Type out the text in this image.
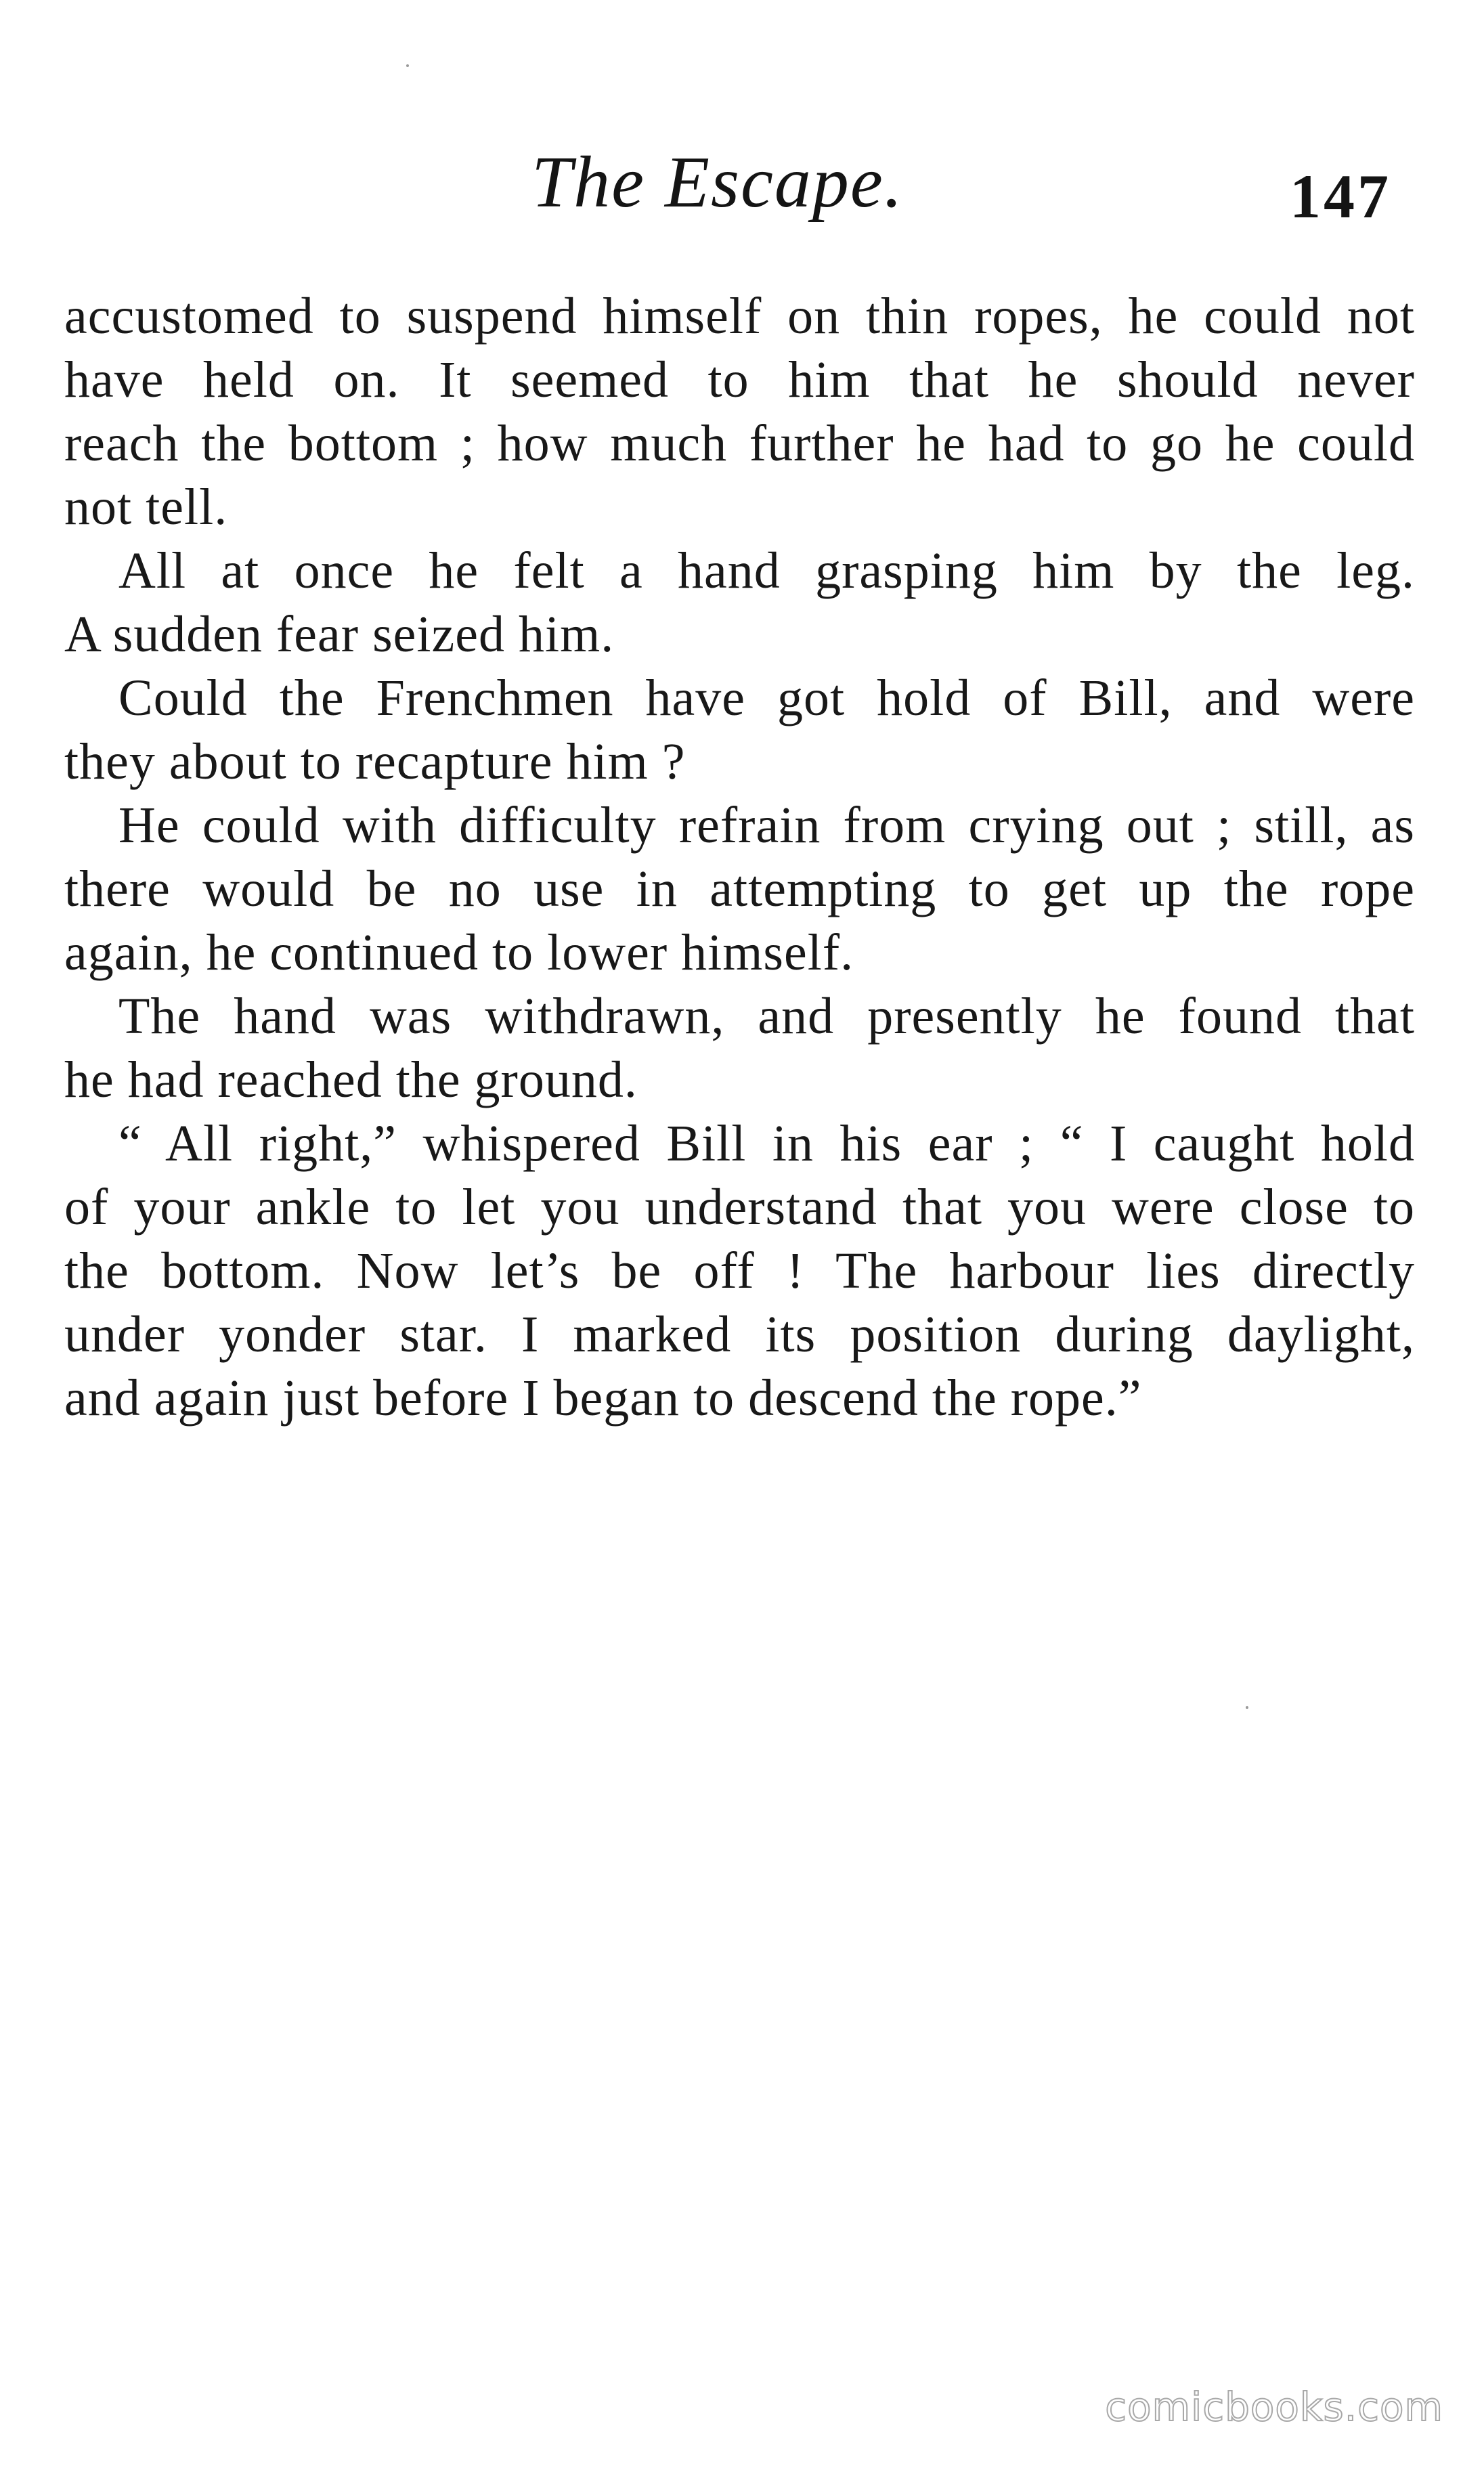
The Escape.	147
accustomed to suspend himself on thin ropes, he could not
have held on. It seemed to him that he should never
reach the bottom ; how much further he had to go he could
not tell.
All at once he felt a hand grasping him by the leg.
A sudden fear seized him.
Could the Frenchmen have got hold of Bill, and were
they about to recapture him ?
He could with difficulty refrain from crying out ; still, as
there would be no use in attempting to get up the rope
again, he continued to lower himself.
The hand was withdrawn, and presently he found that
he had reached the ground.
“ All right,” whispered Bill in his ear ; “ I caught hold
of your ankle to let you understand that you were close to
the bottom. Now let’s be off ! The harbour lies directly
under yonder star. I marked its position during daylight,
and again just before I began to descend the rope.”
comicbooks.com
